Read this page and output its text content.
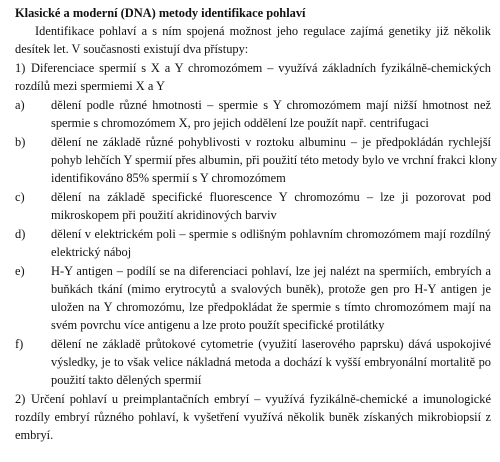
Klasické a moderní (DNA) metody identifikace pohlaví
Identifikace pohlaví a s ním spojená možnost jeho regulace zajímá genetiky již několik
desítek let. V současnosti existují dva přístupy:
1) Diferenciace spermií s X a Y chromozómem – využívá základních fyzikálně-chemických
rozdílů mezi spermiemi X a Y
a) dělení podle různé hmotnosti – spermie s Y chromozómem mají nižší hmotnost než
spermie s chromozómem X, pro jejich oddělení lze použít např. centrifugaci
b) dělení ne základě různé pohyblivosti v roztoku albuminu – je předpokládán rychlejší
pohyb lehčích Y spermií přes albumin, při použití této metody bylo ve vrchní frakci klony
identifikováno 85% spermií s Y chromozómem
c) dělení na základě specifické fluorescence Y chromozómu – lze ji pozorovat pod
mikroskopem při použití akridinových barviv
d) dělení v elektrickém poli – spermie s odlišným pohlavním chromozómem mají rozdílný
elektrický náboj
e) H-Y antigen – podílí se na diferenciaci pohlaví, lze jej nalézt na spermiích, embryích a
buňkách tkání (mimo erytrocytů a svalových buněk), protože gen pro H-Y antigen je
uložen na Y chromozómu, lze předpokládat že spermie s tímto chromozómem mají na
svém povrchu více antigenu a lze proto použít specifické protilátky
f) dělení ne základě průtokové cytometrie (využití laserového paprsku) dává uspokojivé
výsledky, je to však velice nákladná metoda a dochází k vyšší embryonální mortalitě po
použití takto dělených spermií
2) Určení pohlaví u preimplantačních embryí – využívá fyzikálně-chemické a imunologické
rozdíly embryí různého pohlaví, k vyšetření využívá několik buněk získaných mikrobiopsií z
embryí.
